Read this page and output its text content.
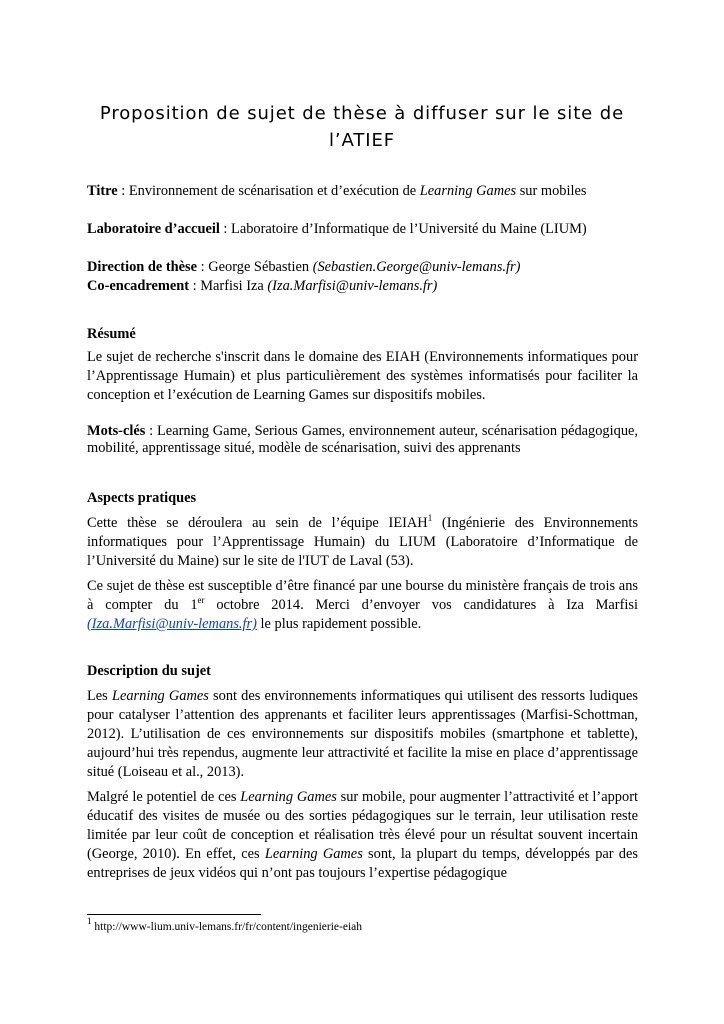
Proposition de sujet de thèse à diffuser sur le site de
l’ATIEF

Titre : Environnement de scénarisation et d’exécution de Learning Games sur mobiles

Laboratoire d’accueil : Laboratoire d’Informatique de l’Université du Maine (LIUM)

Direction de thèse : George Sébastien (Sebastien.George@univ-lemans.fr)

Co-encadrement : Marfisi Iza (Iza.Marfisi@univ-lemans.fr)

Résumé

Le sujet de recherche s'inscrit dans le domaine des EIAH (Environnements informatiques pour l’Apprentissage Humain) et plus particulièrement des systèmes informatisés pour faciliter la conception et l’exécution de Learning Games sur dispositifs mobiles.

Mots-clés : Learning Game, Serious Games, environnement auteur, scénarisation pédagogique, mobilité, apprentissage situé, modèle de scénarisation, suivi des apprenants

Aspects pratiques

Cette thèse se déroulera au sein de l’équipe IEIAH$^1$ (Ingénierie des Environnements informatiques pour l’Apprentissage Humain) du LIUM (Laboratoire d’Informatique de l’Université du Maine) sur le site de l'IUT de Laval (53).

Ce sujet de thèse est susceptible d’être financé par une bourse du ministère français de trois ans à compter du 1er octobre 2014. Merci d’envoyer vos candidatures à Iza Marfisi (Iza.Marfisi@univ-lemans.fr) le plus rapidement possible.

Description du sujet

Les Learning Games sont des environnements informatiques qui utilisent des ressorts ludiques pour catalyser l’attention des apprenants et faciliter leurs apprentissages (Marfisi-Schottman, 2012). L’utilisation de ces environnements sur dispositifs mobiles (smartphone et tablette), aujourd’hui très rependus, augmente leur attractivité et facilite la mise en place d’apprentissage situé (Loiseau et al., 2013).

Malgré le potentiel de ces Learning Games sur mobile, pour augmenter l’attractivité et l’apport éducatif des visites de musée ou des sorties pédagogiques sur le terrain, leur utilisation reste limitée par leur coût de conception et réalisation très élevé pour un résultat souvent incertain (George, 2010). En effet, ces Learning Games sont, la plupart du temps, développés par des entreprises de jeux vidéos qui n’ont pas toujours l’expertise pédagogique

$^1$ http://www-lium.univ-lemans.fr/fr/content/ingenierie-eiah
